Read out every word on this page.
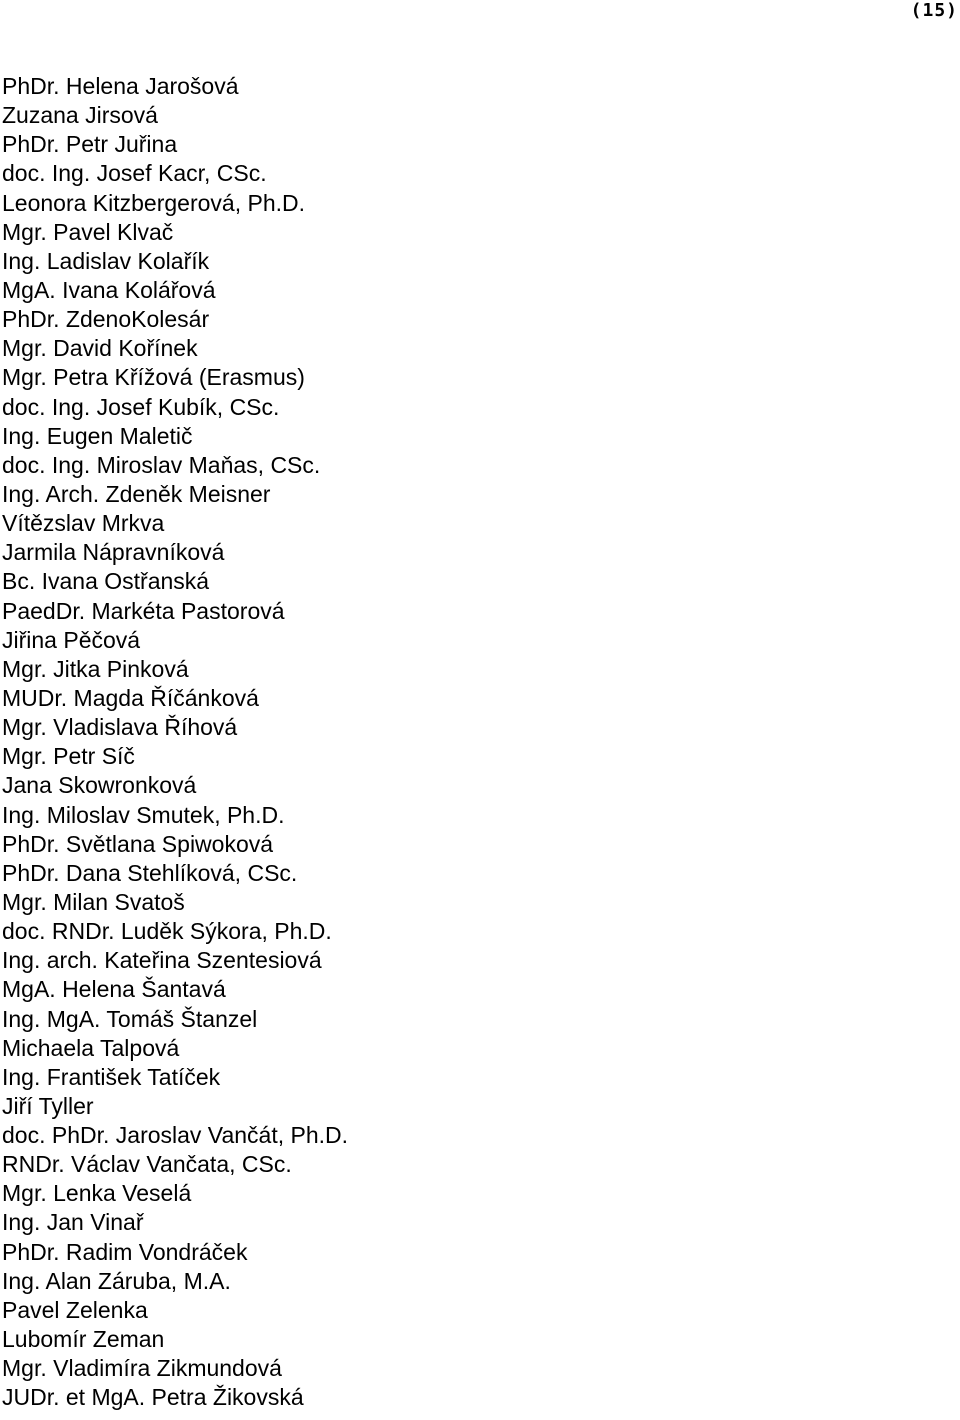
(15)
PhDr. Helena Jarošová
Zuzana Jirsová
PhDr. Petr Juřina
doc. Ing. Josef Kacr, CSc.
Leonora Kitzbergerová, Ph.D.
Mgr. Pavel Klvač
Ing. Ladislav Kolařík
MgA. Ivana Kolářová
PhDr. ZdenoKolesár
Mgr. David Kořínek
Mgr. Petra Křížová (Erasmus)
doc. Ing. Josef Kubík, CSc.
Ing. Eugen Maletič
doc. Ing. Miroslav Maňas, CSc.
Ing. Arch. Zdeněk Meisner
Vítězslav Mrkva
Jarmila Nápravníková
Bc. Ivana Ostřanská
PaedDr. Markéta Pastorová
Jiřina Pěčová
Mgr. Jitka Pinková
MUDr. Magda Říčánková
Mgr. Vladislava Říhová
Mgr. Petr Síč
Jana Skowronková
Ing. Miloslav Smutek, Ph.D.
PhDr. Světlana Spiwoková
PhDr. Dana Stehlíková, CSc.
Mgr. Milan Svatoš
doc. RNDr. Luděk Sýkora, Ph.D.
Ing. arch. Kateřina Szentesiová
MgA. Helena Šantavá
Ing. MgA. Tomáš Štanzel
Michaela Talpová
Ing. František Tatíček
Jiří Tyller
doc. PhDr. Jaroslav Vančát, Ph.D.
RNDr. Václav Vančata, CSc.
Mgr. Lenka Veselá
Ing. Jan Vinař
PhDr. Radim Vondráček
Ing. Alan Záruba, M.A.
Pavel Zelenka
Lubomír Zeman
Mgr. Vladimíra Zikmundová
JUDr. et MgA. Petra Žikovská
